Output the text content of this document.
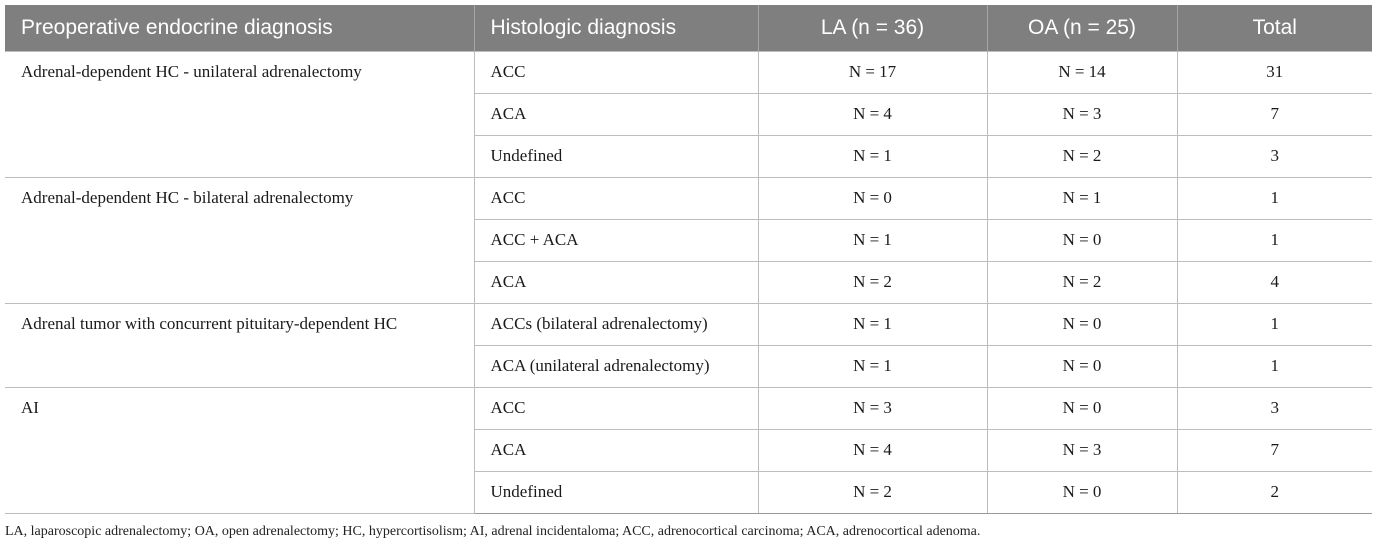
Preoperative endocrine diagnosis	Histologic diagnosis	LA (n = 36)	OA (n = 25)	Total
Adrenal-dependent HC - unilateral adrenalectomy	ACC	N = 17	N = 14	31
	ACA	N = 4	N = 3	7
	Undefined	N = 1	N = 2	3
Adrenal-dependent HC - bilateral adrenalectomy	ACC	N = 0	N = 1	1
	ACC + ACA	N = 1	N = 0	1
	ACA	N = 2	N = 2	4
Adrenal tumor with concurrent pituitary-dependent HC	ACCs (bilateral adrenalectomy)	N = 1	N = 0	1
	ACA (unilateral adrenalectomy)	N = 1	N = 0	1
AI	ACC	N = 3	N = 0	3
	ACA	N = 4	N = 3	7
	Undefined	N = 2	N = 0	2
LA, laparoscopic adrenalectomy; OA, open adrenalectomy; HC, hypercortisolism; AI, adrenal incidentaloma; ACC, adrenocortical carcinoma; ACA, adrenocortical adenoma.
